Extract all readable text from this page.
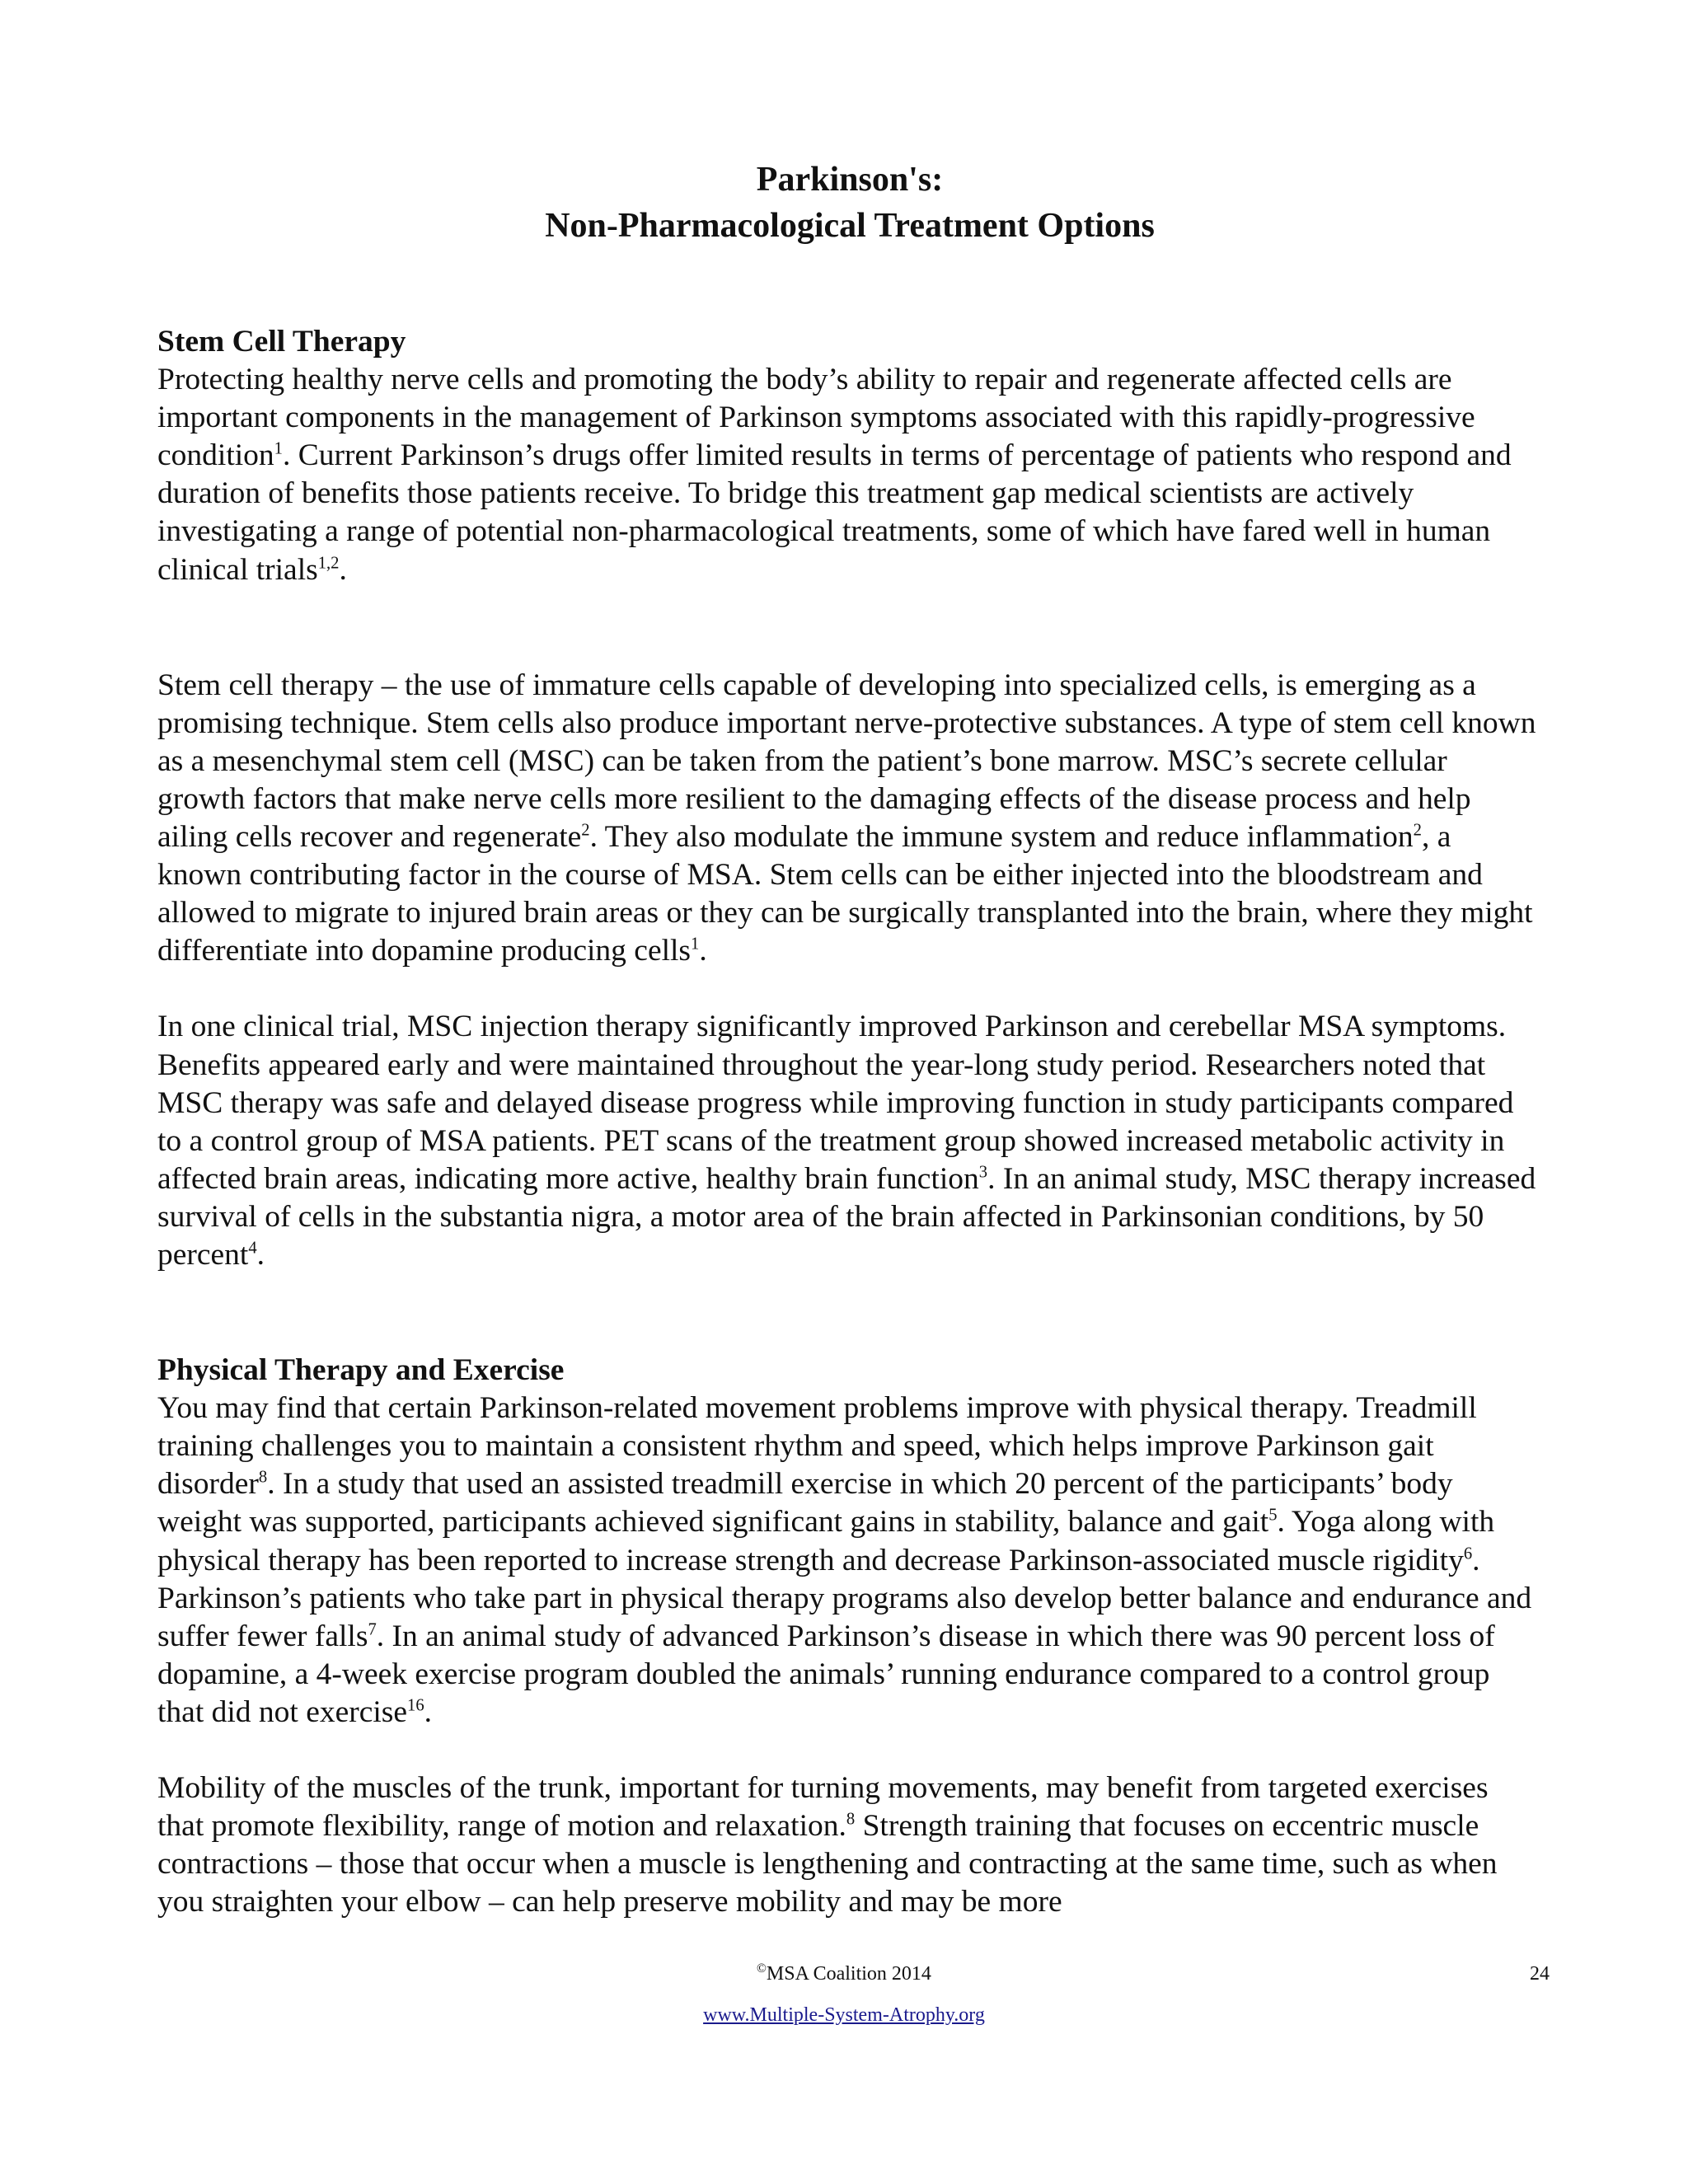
Parkinson's:
Non-Pharmacological Treatment Options
Stem Cell Therapy

Protecting healthy nerve cells and promoting the body’s ability to repair and regenerate affected cells are important components in the management of Parkinson symptoms associated with this rapidly-progressive condition$^1$. Current Parkinson’s drugs offer limited results in terms of percentage of patients who respond and duration of benefits those patients receive. To bridge this treatment gap medical scientists are actively investigating a range of potential non-pharmacological treatments, some of which have fared well in human clinical trials$^{1,2}$.

Stem cell therapy – the use of immature cells capable of developing into specialized cells, is emerging as a promising technique. Stem cells also produce important nerve-protective substances. A type of stem cell known as a mesenchymal stem cell (MSC) can be taken from the patient’s bone marrow. MSC’s secrete cellular growth factors that make nerve cells more resilient to the damaging effects of the disease process and help ailing cells recover and regenerate$^2$. They also modulate the immune system and reduce inflammation$^2$, a known contributing factor in the course of MSA. Stem cells can be either injected into the bloodstream and allowed to migrate to injured brain areas or they can be surgically transplanted into the brain, where they might differentiate into dopamine producing cells$^1$.

In one clinical trial, MSC injection therapy significantly improved Parkinson and cerebellar MSA symptoms. Benefits appeared early and were maintained throughout the year-long study period. Researchers noted that MSC therapy was safe and delayed disease progress while improving function in study participants compared to a control group of MSA patients. PET scans of the treatment group showed increased metabolic activity in affected brain areas, indicating more active, healthy brain function$^3$. In an animal study, MSC therapy increased survival of cells in the substantia nigra, a motor area of the brain affected in Parkinsonian conditions, by 50 percent$^4$.

Physical Therapy and Exercise

You may find that certain Parkinson-related movement problems improve with physical therapy. Treadmill training challenges you to maintain a consistent rhythm and speed, which helps improve Parkinson gait disorder$^8$. In a study that used an assisted treadmill exercise in which 20 percent of the participants’ body weight was supported, participants achieved significant gains in stability, balance and gait$^5$. Yoga along with physical therapy has been reported to increase strength and decrease Parkinson-associated muscle rigidity$^6$. Parkinson’s patients who take part in physical therapy programs also develop better balance and endurance and suffer fewer falls$^7$. In an animal study of advanced Parkinson’s disease in which there was 90 percent loss of dopamine, a 4-week exercise program doubled the animals’ running endurance compared to a control group that did not exercise$^{16}$.

Mobility of the muscles of the trunk, important for turning movements, may benefit from targeted exercises that promote flexibility, range of motion and relaxation.$^8$ Strength training that focuses on eccentric muscle contractions – those that occur when a muscle is lengthening and contracting at the same time, such as when you straighten your elbow – can help preserve mobility and may be more

©MSA Coalition 2014	24
www.Multiple-System-Atrophy.org
